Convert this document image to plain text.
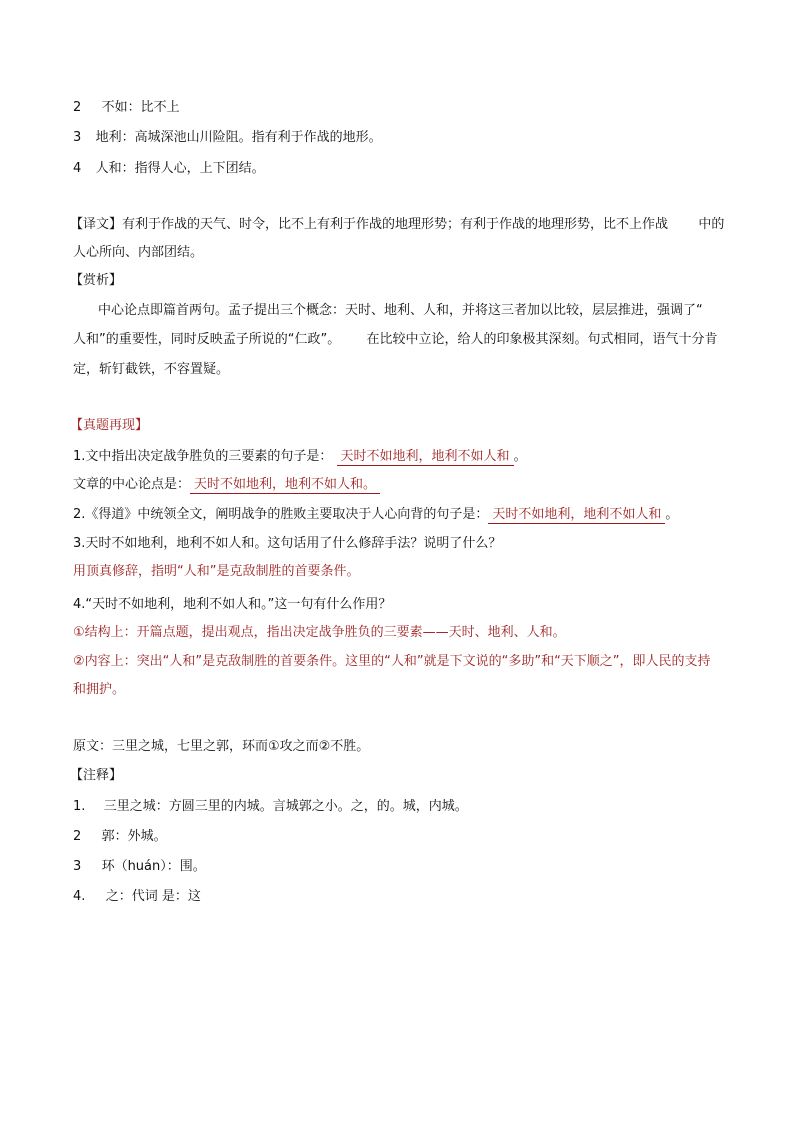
2 不如：比不上
3 地利：高城深池山川险阻。指有利于作战的地形。
4 人和：指得人心，上下团结。
【译文】有利于作战的天气、时令，比不上有利于作战的地理形势；有利于作战的地理形势，比不上作战 中的
人心所向、内部团结。
【赏析】
中心论点即篇首两句。孟子提出三个概念：天时、地利、人和，并将这三者加以比较，层层推进，强调了“
人和”的重要性，同时反映孟子所说的“仁政”。 在比较中立论，给人的印象极其深刻。句式相同，语气十分肯
定，斩钉截铁，不容置疑。
【真题再现】
1.文中指出决定战争胜负的三要素的句子是： 天时不如地利，地利不如人和 。
文章的中心论点是： 天时不如地利，地利不如人和。
2.《得道》中统领全文，阐明战争的胜败主要取决于人心向背的句子是： 天时不如地利，地利不如人和 。
3.天时不如地利，地利不如人和。这句话用了什么修辞手法？说明了什么？
用顶真修辞，指明“人和”是克敌制胜的首要条件。
4.“天时不如地利，地利不如人和。”这一句有什么作用？
①结构上：开篇点题，提出观点，指出决定战争胜负的三要素——天时、地利、人和。
②内容上：突出“人和”是克敌制胜的首要条件。这里的“人和”就是下文说的“多助”和“天下顺之”，即人民的支持
和拥护。
原文：三里之城，七里之郭，环而①攻之而②不胜。
【注释】
1. 三里之城：方圆三里的内城。言城郭之小。之，的。城，内城。
2 郭：外城。
3 环（huán）：围。
4. 之：代词 是：这
